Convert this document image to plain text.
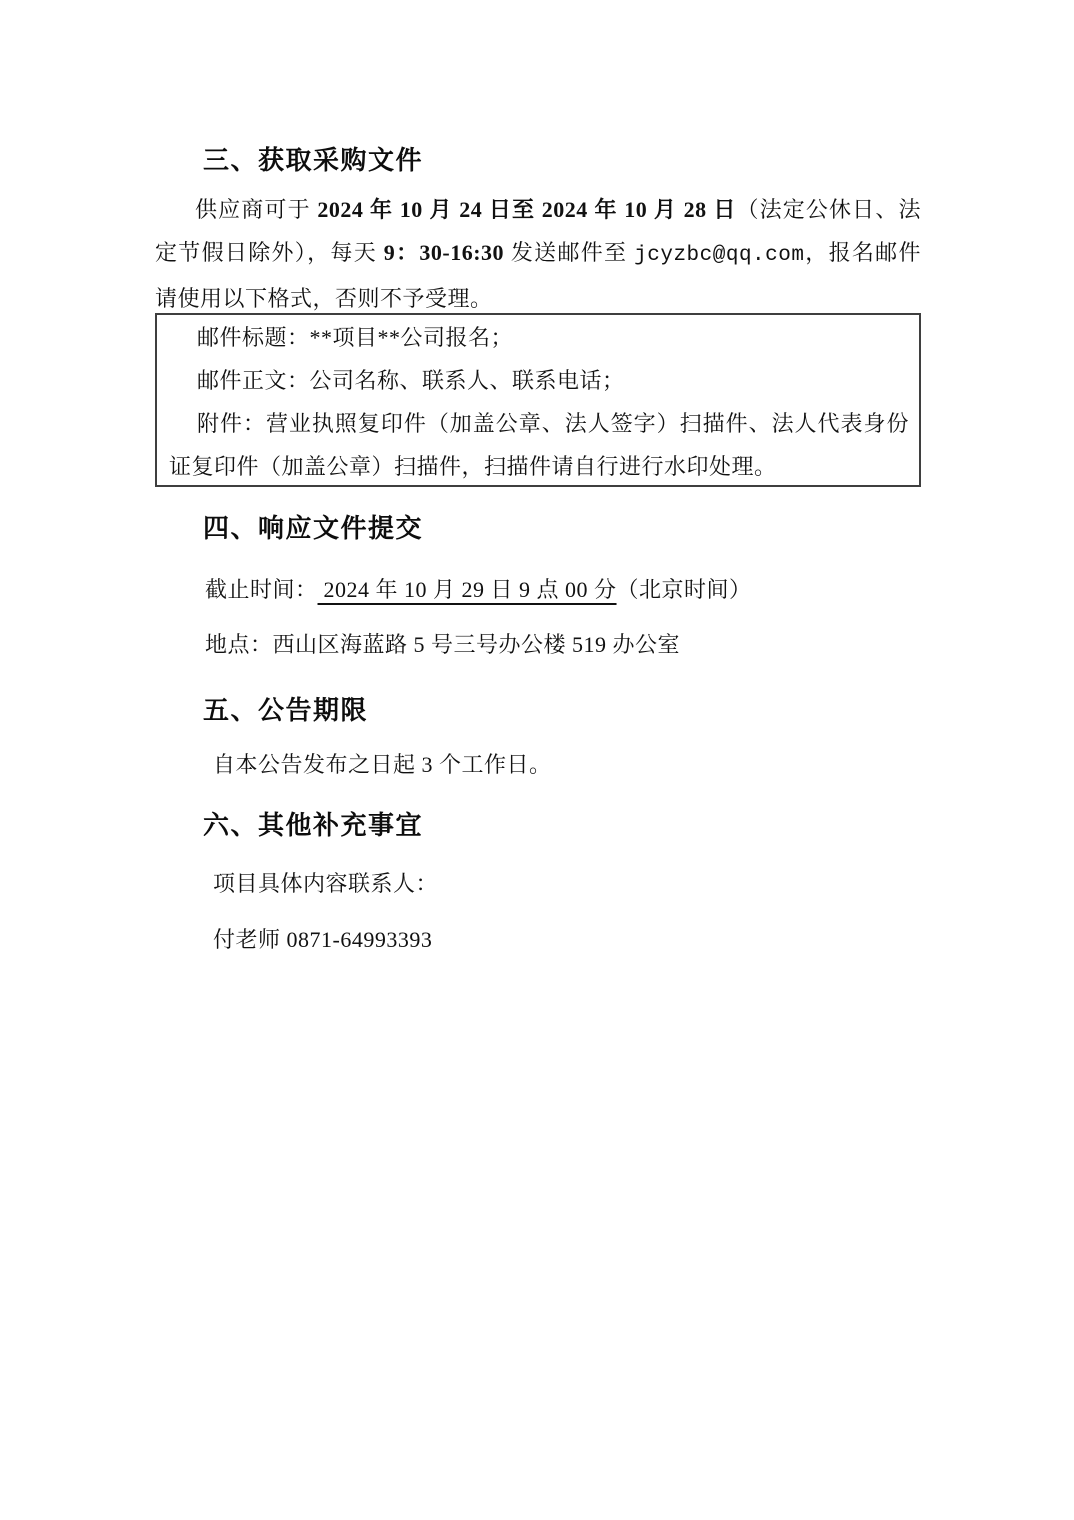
三、获取采购文件
供应商可于 2024 年 10 月 24 日至 2024 年 10 月 28 日（法定公休日、法定节假日除外），每天 9：30-16:30 发送邮件至 jcyzbc@qq.com，报名邮件请使用以下格式，否则不予受理。
邮件标题：**项目**公司报名；
邮件正文：公司名称、联系人、联系电话；
附件：营业执照复印件（加盖公章、法人签字）扫描件、法人代表身份证复印件（加盖公章）扫描件，扫描件请自行进行水印处理。
四、响应文件提交
截止时间： 2024 年 10 月 29 日 9 点 00 分（北京时间）
地点：西山区海蓝路 5 号三号办公楼 519 办公室
五、公告期限
自本公告发布之日起 3 个工作日。
六、其他补充事宜
项目具体内容联系人：
付老师 0871-64993393
